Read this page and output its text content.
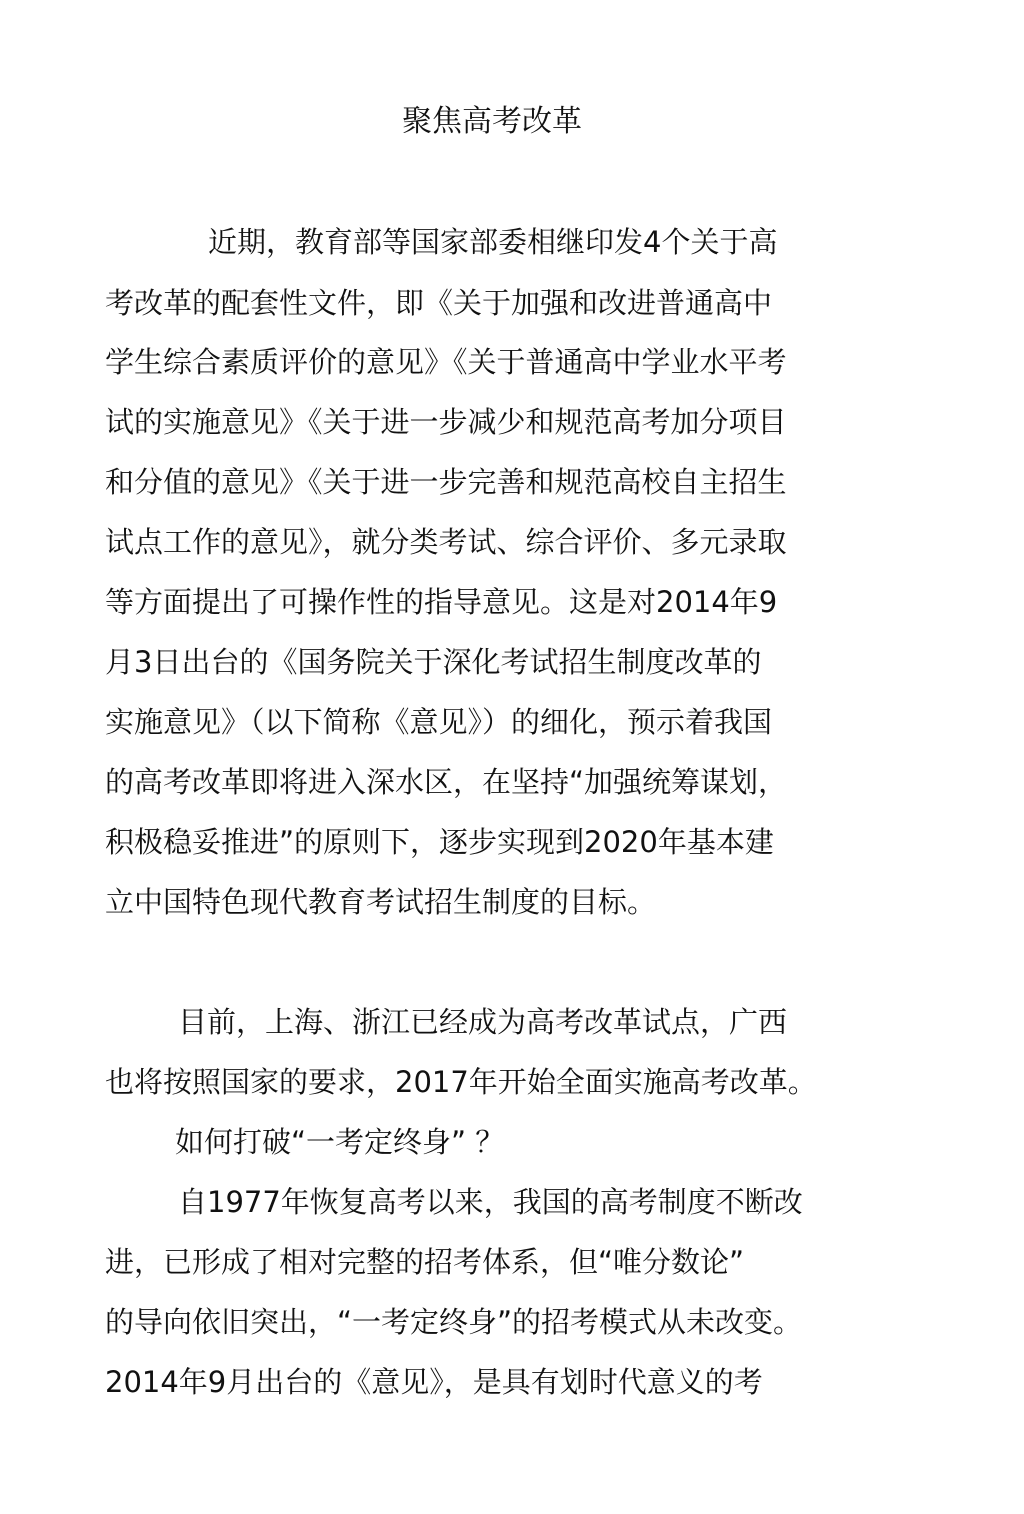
聚焦高考改革
近期，教育部等国家部委相继印发4个关于高
考改革的配套性文件，即《关于加强和改进普通高中
学生综合素质评价的意见》《关于普通高中学业水平考
试的实施意见》《关于进一步减少和规范高考加分项目
和分值的意见》《关于进一步完善和规范高校自主招生
试点工作的意见》，就分类考试、综合评价、多元录取
等方面提出了可操作性的指导意见。这是对2014年9
月3日出台的《国务院关于深化考试招生制度改革的
实施意见》（以下简称《意见》）的细化，预示着我国
的高考改革即将进入深水区，在坚持“加强统筹谋划，
积极稳妥推进”的原则下，逐步实现到2020年基本建
立中国特色现代教育考试招生制度的目标。
目前，上海、浙江已经成为高考改革试点，广西
也将按照国家的要求，2017年开始全面实施高考改革。
如何打破“一考定终身” ？
自1977年恢复高考以来，我国的高考制度不断改
进，已形成了相对完整的招考体系，但“唯分数论”
的导向依旧突出，“一考定终身”的招考模式从未改变。
2014年9月出台的《意见》，是具有划时代意义的考
